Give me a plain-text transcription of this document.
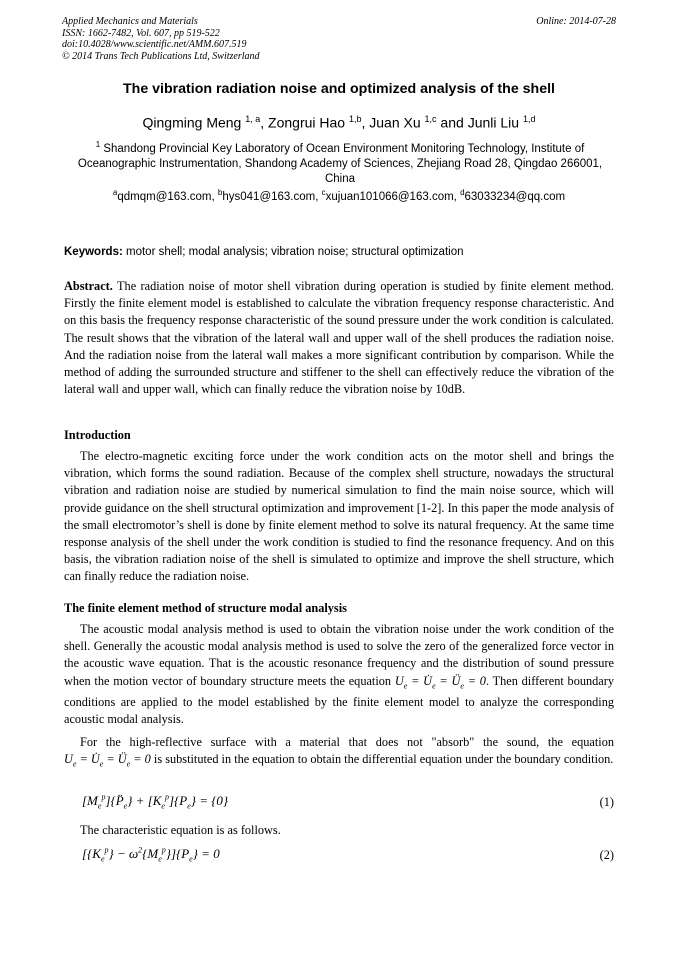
Applied Mechanics and Materials
ISSN: 1662-7482, Vol. 607, pp 519-522
doi:10.4028/www.scientific.net/AMM.607.519
© 2014 Trans Tech Publications Ltd, Switzerland
Online: 2014-07-28
The vibration radiation noise and optimized analysis of the shell
Qingming Meng $^{1, a}$, Zongrui Hao $^{1,b}$, Juan Xu $^{1,c}$ and Junli Liu $^{1,d}$
$^1$ Shandong Provincial Key Laboratory of Ocean Environment Monitoring Technology, Institute of Oceanographic Instrumentation, Shandong Academy of Sciences, Zhejiang Road 28, Qingdao 266001, China
$^a$qdmqm@163.com, $^b$hys041@163.com, $^c$xujuan101066@163.com, $^d$63033234@qq.com
Keywords: motor shell; modal analysis; vibration noise; structural optimization

Abstract. The radiation noise of motor shell vibration during operation is studied by finite element method. Firstly the finite element model is established to calculate the vibration frequency response characteristic. And on this basis the frequency response characteristic of the sound pressure under the work condition is calculated. The result shows that the vibration of the lateral wall and upper wall of the shell produces the radiation noise. And the radiation noise from the lateral wall makes a more significant contribution by comparison. While the method of adding the surrounded structure and stiffener to the shell can effectively reduce the vibration of the lateral wall and upper wall, which can finally reduce the vibration noise by 10dB.

Introduction

The electro-magnetic exciting force under the work condition acts on the motor shell and brings the vibration, which forms the sound radiation. Because of the complex shell structure, nowadays the structural vibration and radiation noise are studied by numerical simulation to find the main noise source, which will provide guidance on the shell structural optimization and improvement [1-2]. In this paper the mode analysis of the small electromotor’s shell is done by finite element method to solve its natural frequency. At the same time response analysis of the shell under the work condition is studied to find the resonance frequency. And on this basis, the vibration radiation noise of the shell is simulated to optimize and improve the shell structure, which can finally reduce the radiation noise.

The finite element method of structure modal analysis

The acoustic modal analysis method is used to obtain the vibration noise under the work condition of the shell. Generally the acoustic modal analysis method is used to solve the zero of the generalized force vector in the acoustic wave equation. That is the acoustic resonance frequency and the distribution of sound pressure when the motion vector of boundary structure meets the equation $U_e$ = $U̇_e$ = $Ü_e = 0$. Then different boundary conditions are applied to the model established by the finite element model to analyze the corresponding acoustic modal analysis.

For the high-reflective surface with a material that does not "absorb" the sound, the equation $U_e$ = $U̇_e$ = $Ü_e = 0$ is substituted in the equation to obtain the differential equation under the boundary condition.

$[M_e^p]\{P̈_e\} + [K_e^p]\{P_e\} = \{0\}$	(1)

The characteristic equation is as follows.

$[\{K_e^p\} - \omega^2\{M_e^p\}]\{P_e\} = 0$	(2)
